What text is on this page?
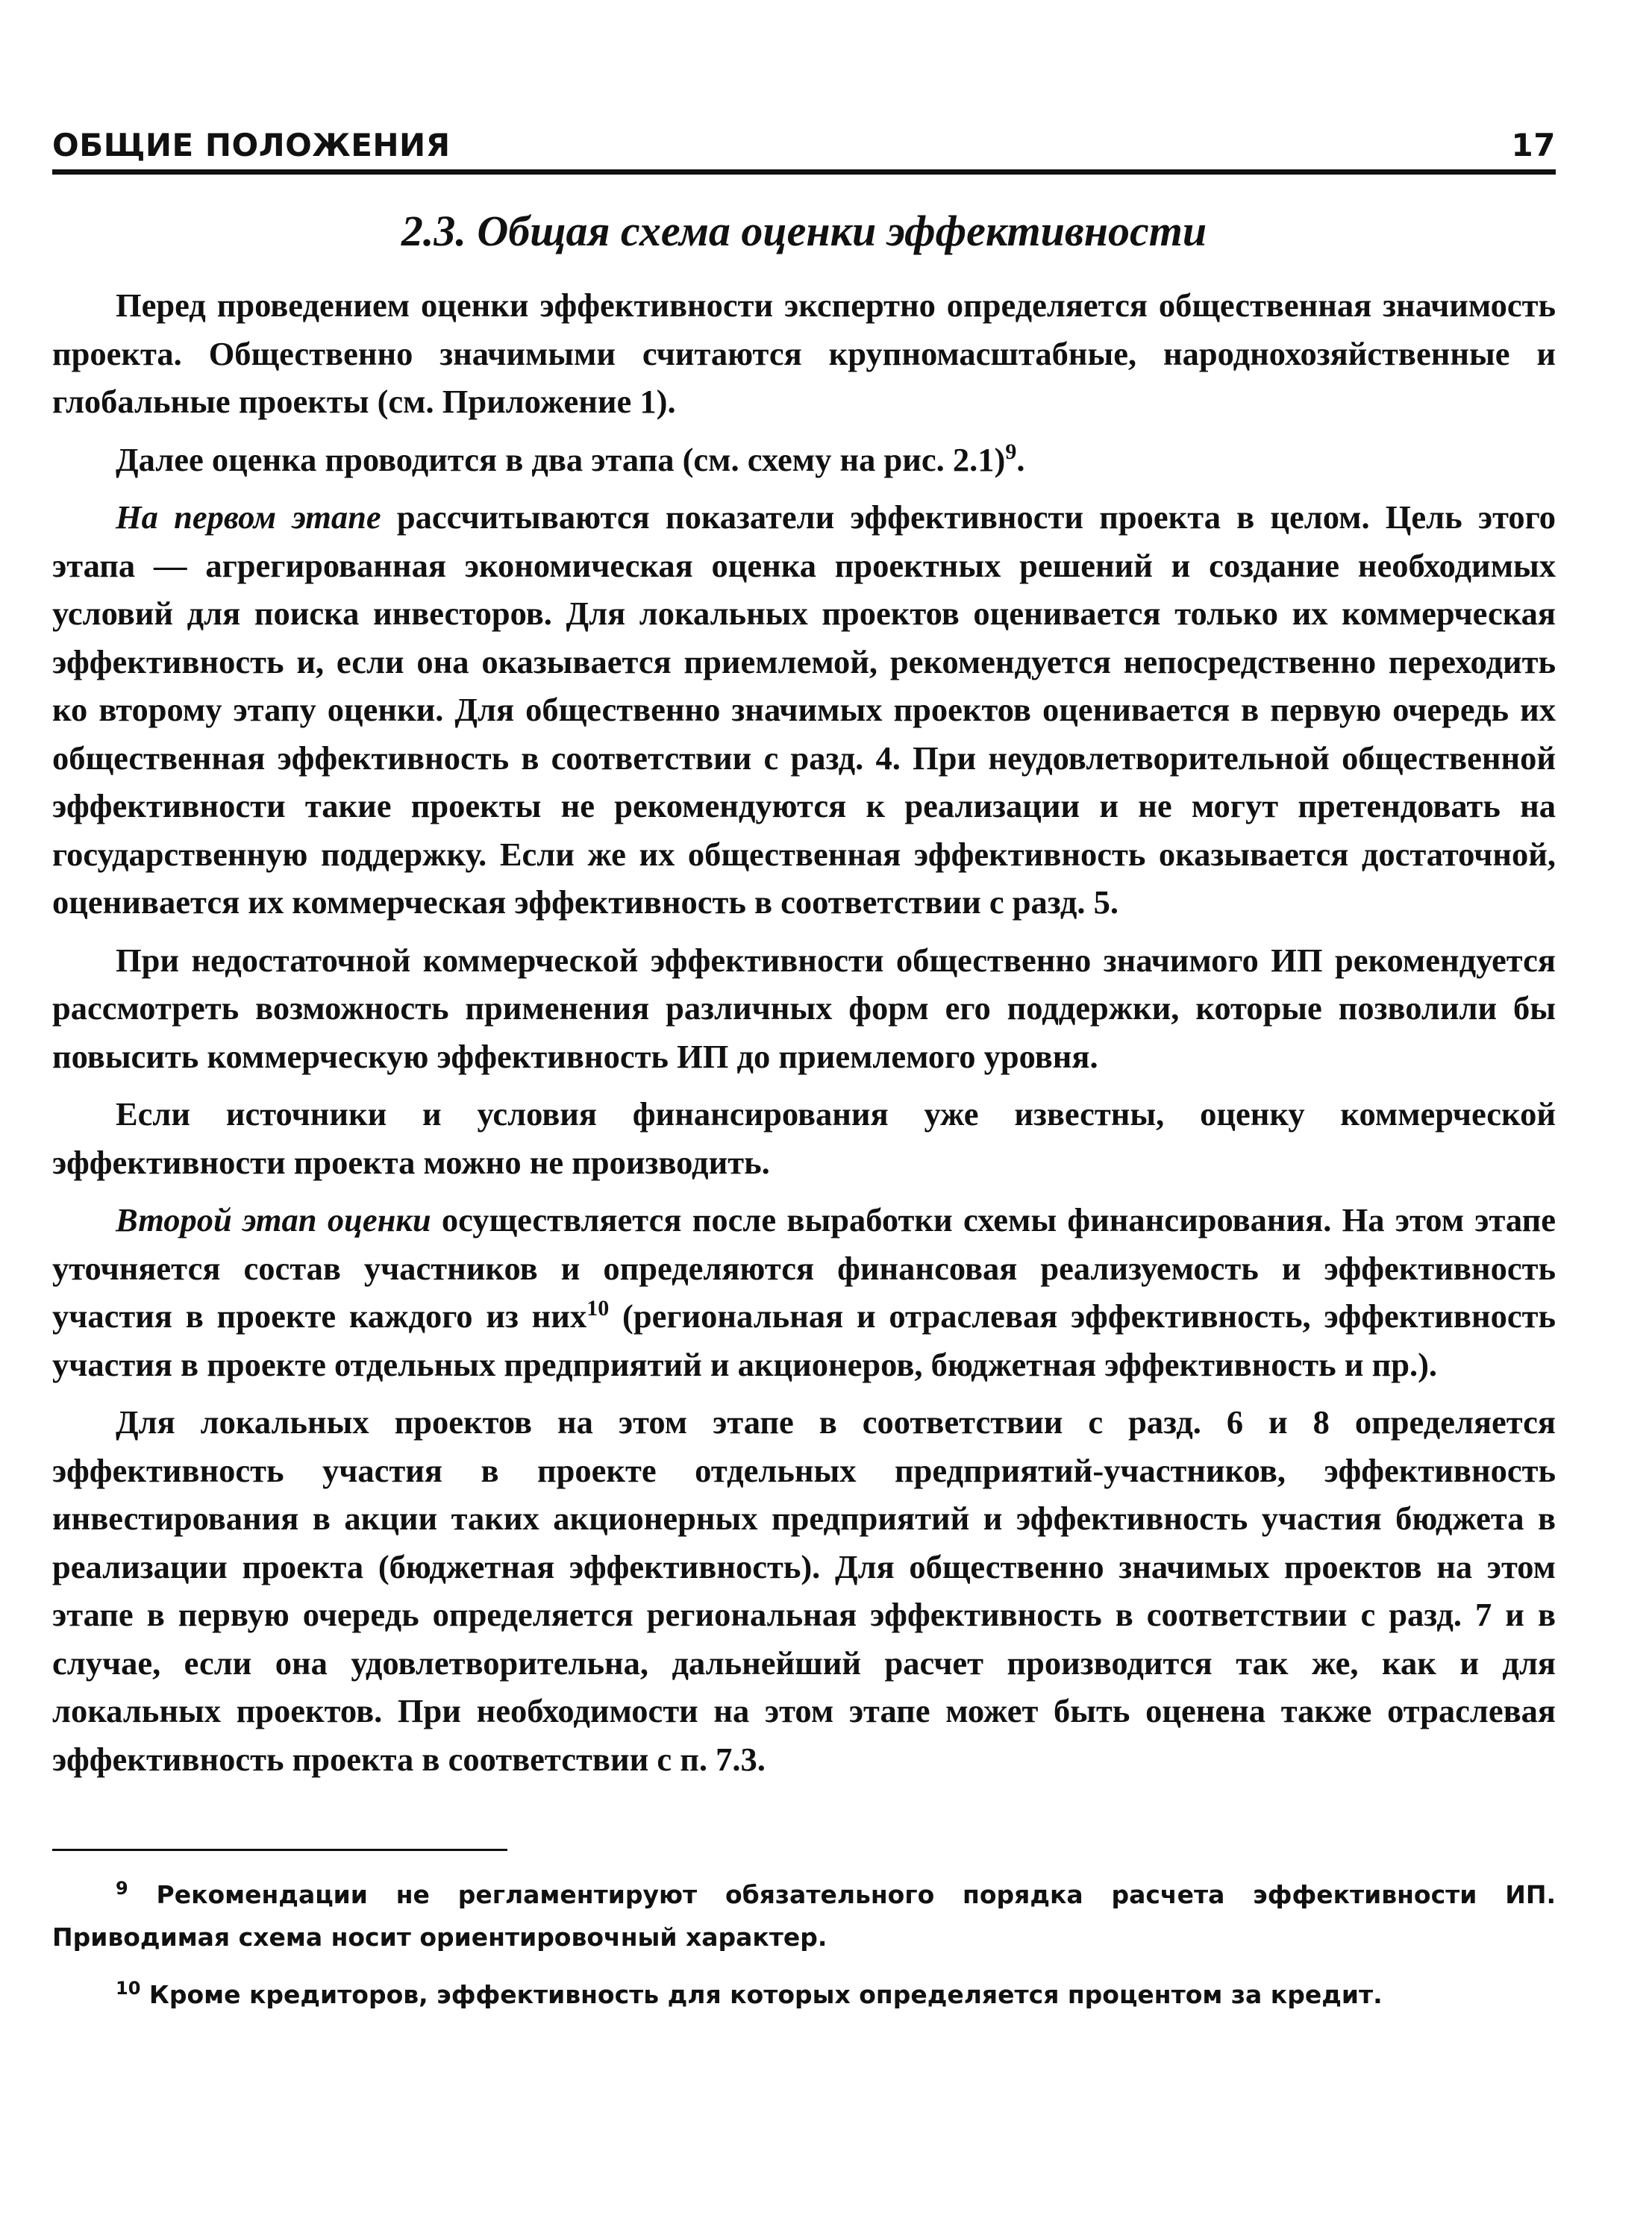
ОБЩИЕ ПОЛОЖЕНИЯ	17
2.3. Общая схема оценки эффективности

Перед проведением оценки эффективности экспертно определяется общественная значимость проекта. Общественно значимыми считаются крупномасштабные, народнохозяйственные и глобальные проекты (см. Приложение 1).

Далее оценка проводится в два этапа (см. схему на рис. 2.1)$^9$.

На первом этапе рассчитываются показатели эффективности проекта в целом. Цель этого этапа — агрегированная экономическая оценка проектных решений и создание необходимых условий для поиска инвесторов. Для локальных проектов оценивается только их коммерческая эффективность и, если она оказывается приемлемой, рекомендуется непосредственно переходить ко второму этапу оценки. Для общественно значимых проектов оценивается в первую очередь их общественная эффективность в соответствии с разд. 4. При неудовлетворительной общественной эффективности такие проекты не рекомендуются к реализации и не могут претендовать на государственную поддержку. Если же их общественная эффективность оказывается достаточной, оценивается их коммерческая эффективность в соответствии с разд. 5.

При недостаточной коммерческой эффективности общественно значимого ИП рекомендуется рассмотреть возможность применения различных форм его поддержки, которые позволили бы повысить коммерческую эффективность ИП до приемлемого уровня.

Если источники и условия финансирования уже известны, оценку коммерческой эффективности проекта можно не производить.

Второй этап оценки осуществляется после выработки схемы финансирования. На этом этапе уточняется состав участников и определяются финансовая реализуемость и эффективность участия в проекте каждого из них$^{10}$ (региональная и отраслевая эффективность, эффективность участия в проекте отдельных предприятий и акционеров, бюджетная эффективность и пр.).

Для локальных проектов на этом этапе в соответствии с разд. 6 и 8 определяется эффективность участия в проекте отдельных предприятий-участников, эффективность инвестирования в акции таких акционерных предприятий и эффективность участия бюджета в реализации проекта (бюджетная эффективность). Для общественно значимых проектов на этом этапе в первую очередь определяется региональная эффективность в соответствии с разд. 7 и в случае, если она удовлетворительна, дальнейший расчет производится так же, как и для локальных проектов. При необходимости на этом этапе может быть оценена также отраслевая эффективность проекта в соответствии с п. 7.3.

$^9$ Рекомендации не регламентируют обязательного порядка расчета эффективности ИП. Приводимая схема носит ориентировочный характер.

$^{10}$ Кроме кредиторов, эффективность для которых определяется процентом за кредит.
